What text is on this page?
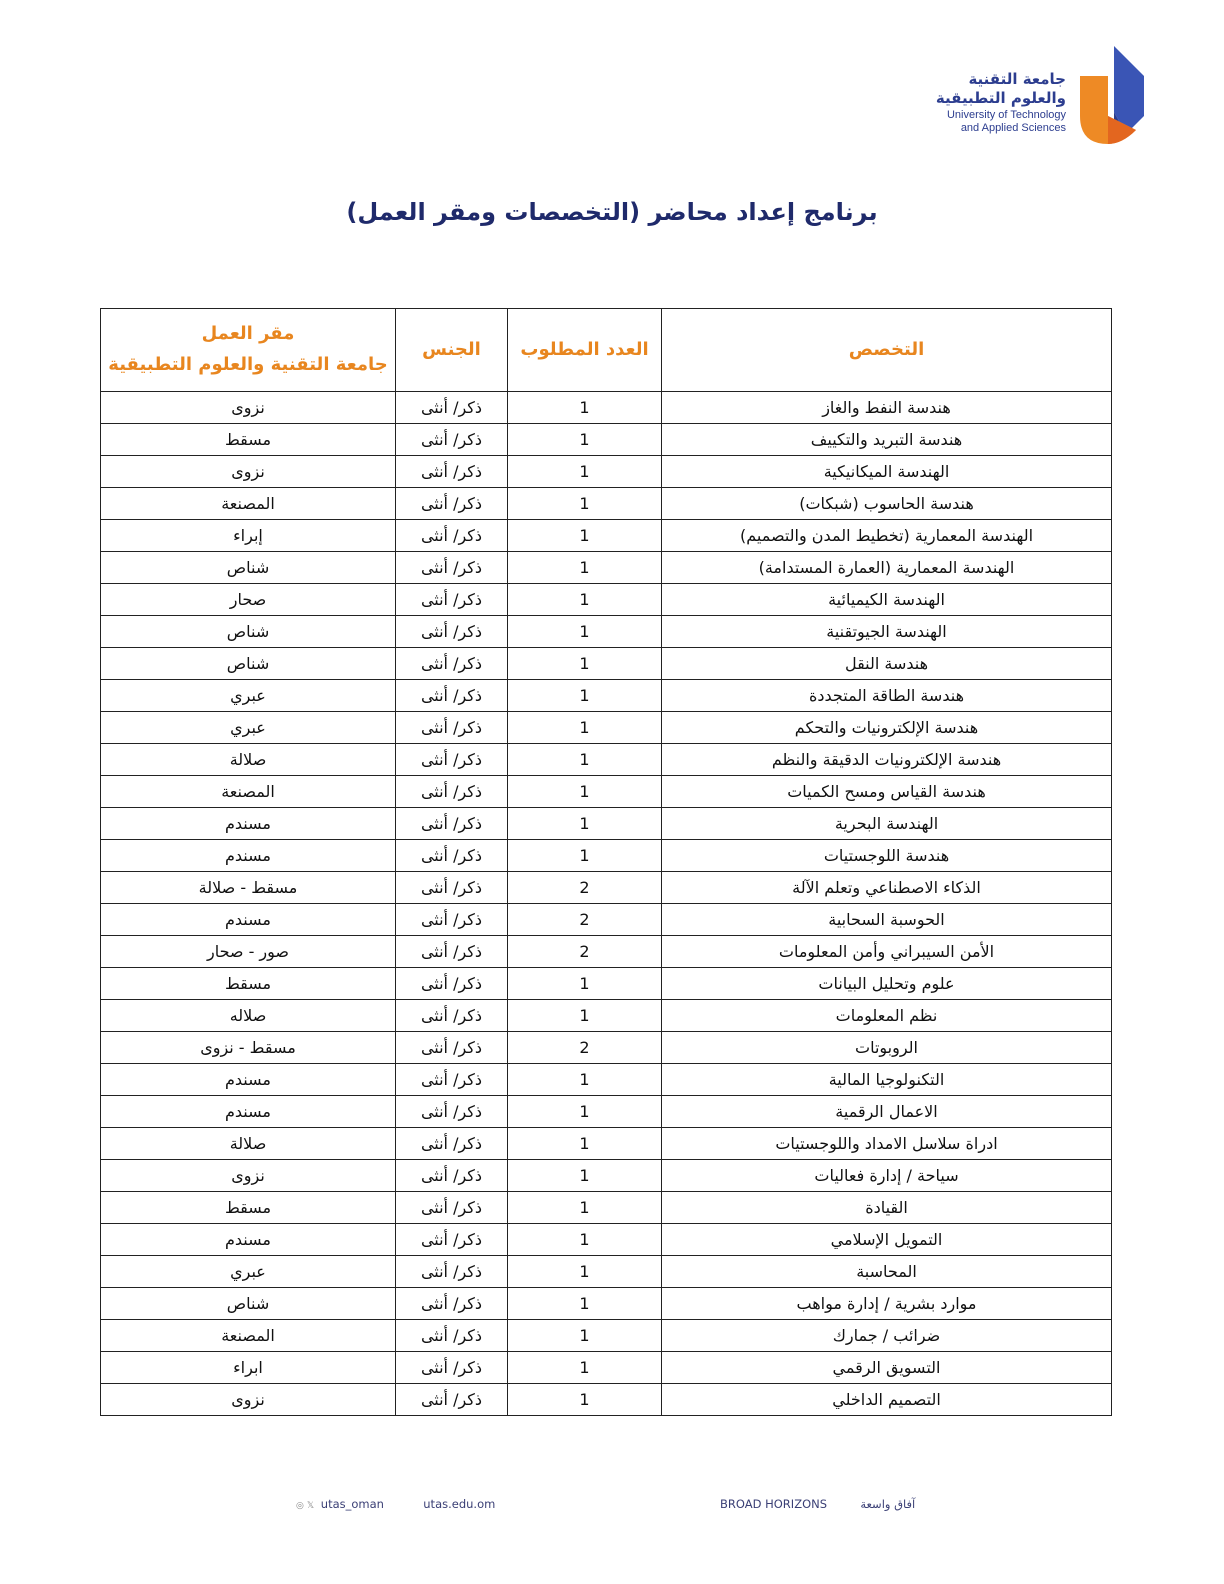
جامعة التقنية
والعلوم التطبيقية
University of Technology
and Applied Sciences
برنامج إعداد محاضر (التخصصات ومقر العمل)
التخصص	العدد المطلوب	الجنس	مقر العمل
جامعة التقنية والعلوم التطبيقية

هندسة النفط والغاز	1	ذكر/ أنثى	نزوى
هندسة التبريد والتكييف	1	ذكر/ أنثى	مسقط
الهندسة الميكانيكية	1	ذكر/ أنثى	نزوى
هندسة الحاسوب (شبكات)	1	ذكر/ أنثى	المصنعة
الهندسة المعمارية (تخطيط المدن والتصميم)	1	ذكر/ أنثى	إبراء
الهندسة المعمارية (العمارة المستدامة)	1	ذكر/ أنثى	شناص
الهندسة الكيميائية	1	ذكر/ أنثى	صحار
الهندسة الجيوتقنية	1	ذكر/ أنثى	شناص
هندسة النقل	1	ذكر/ أنثى	شناص
هندسة الطاقة المتجددة	1	ذكر/ أنثى	عبري
هندسة الإلكترونيات والتحكم	1	ذكر/ أنثى	عبري
هندسة الإلكترونيات الدقيقة والنظم	1	ذكر/ أنثى	صلالة
هندسة القياس ومسح الكميات	1	ذكر/ أنثى	المصنعة
الهندسة البحرية	1	ذكر/ أنثى	مسندم
هندسة اللوجستيات	1	ذكر/ أنثى	مسندم
الذكاء الاصطناعي وتعلم الآلة	2	ذكر/ أنثى	مسقط - صلالة
الحوسبة السحابية	2	ذكر/ أنثى	مسندم
الأمن السيبراني وأمن المعلومات	2	ذكر/ أنثى	صور - صحار
علوم وتحليل البيانات	1	ذكر/ أنثى	مسقط
نظم المعلومات	1	ذكر/ أنثى	صلاله
الروبوتات	2	ذكر/ أنثى	مسقط - نزوى
التكنولوجيا المالية	1	ذكر/ أنثى	مسندم
الاعمال الرقمية	1	ذكر/ أنثى	مسندم
ادراة سلاسل الامداد واللوجستيات	1	ذكر/ أنثى	صلالة
سياحة / إدارة فعاليات	1	ذكر/ أنثى	نزوى
القيادة	1	ذكر/ أنثى	مسقط
التمويل الإسلامي	1	ذكر/ أنثى	مسندم
المحاسبة	1	ذكر/ أنثى	عبري
موارد بشرية / إدارة مواهب	1	ذكر/ أنثى	شناص
ضرائب / جمارك	1	ذكر/ أنثى	المصنعة
التسويق الرقمي	1	ذكر/ أنثى	ابراء
التصميم الداخلي	1	ذكر/ أنثى	نزوى
◎ 𝕏 utas_oman	utas.edu.om	BROAD HORIZONS	آفاق واسعة
